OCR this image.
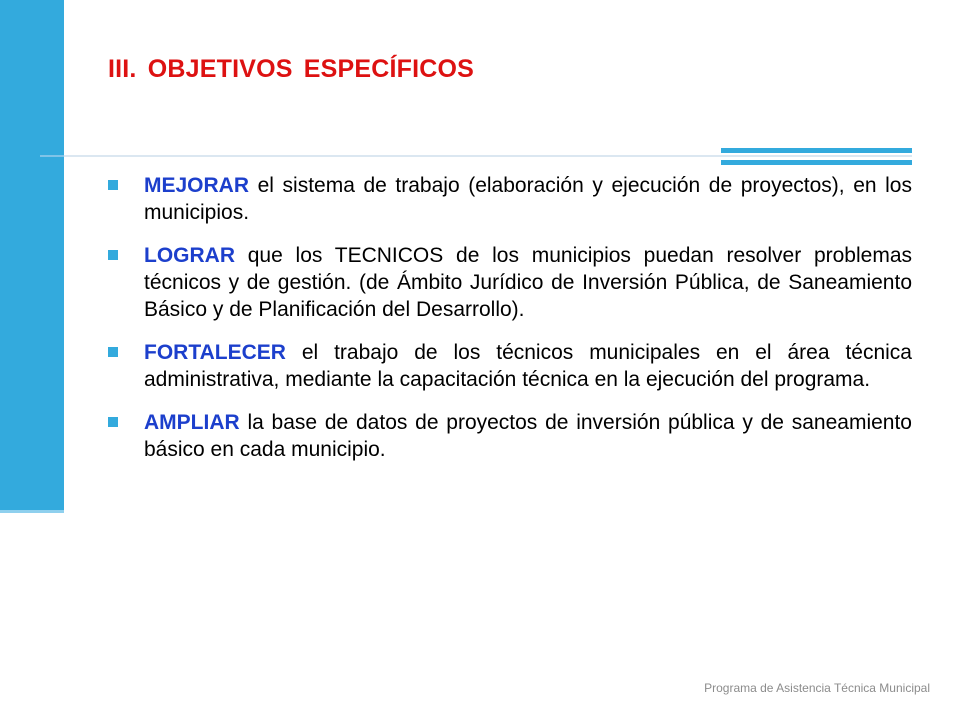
III. OBJETIVOS ESPECÍFICOS
MEJORAR el sistema de trabajo (elaboración y ejecución de proyectos), en los municipios.
LOGRAR que los TECNICOS de los municipios puedan resolver problemas técnicos y de gestión. (de Ámbito Jurídico de Inversión Pública, de Saneamiento Básico y de Planificación del Desarrollo).
FORTALECER el trabajo de los técnicos municipales en el área técnica administrativa, mediante la capacitación técnica en la ejecución del programa.
AMPLIAR la base de datos de proyectos de inversión pública y de saneamiento básico en cada municipio.
Programa de Asistencia Técnica Municipal
